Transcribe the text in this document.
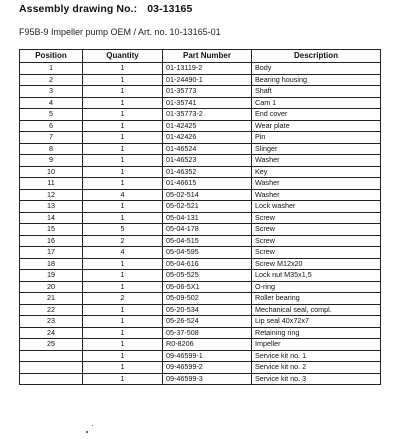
Assembly drawing No.: 03-13165
F95B-9 Impeller pump OEM / Art. no. 10-13165-01
Position	Quantity	Part Number	Description
1	1	01-13119-2	Body
2	1	01-24490-1	Bearing housing
3	1	01-35773	Shaft
4	1	01-35741	Cam 1
5	1	01-35773-2	End cover
6	1	01-42425	Wear plate
7	1	01-42426	Pin
8	1	01-46524	Slinger
9	1	01-46523	Washer
10	1	01-46352	Key
11	1	01-46615	Washer
12	4	05-02-514	Washer
13	1	05-02-521	Lock washer
14	1	05-04-131	Screw
15	5	05-04-178	Screw
16	2	05-04-515	Screw
17	4	05-04-595	Screw
18	1	05-04-616	Screw M12x20
19	1	05-05-525	Lock nut M35x1,5
20	1	05-06-5X1	O-ring
21	2	05-09-502	Roller bearing
22	1	05-20-534	Mechanical seal, compl.
23	1	05-26-524	Lip seal 40x72x7
24	1	05-37-508	Retaining ring
25	1	R0-8206	Impeller
	1	09-46599-1	Service kit no. 1
	1	09-46599-2	Service kit no. 2
	1	09-46599-3	Service kit no. 3
